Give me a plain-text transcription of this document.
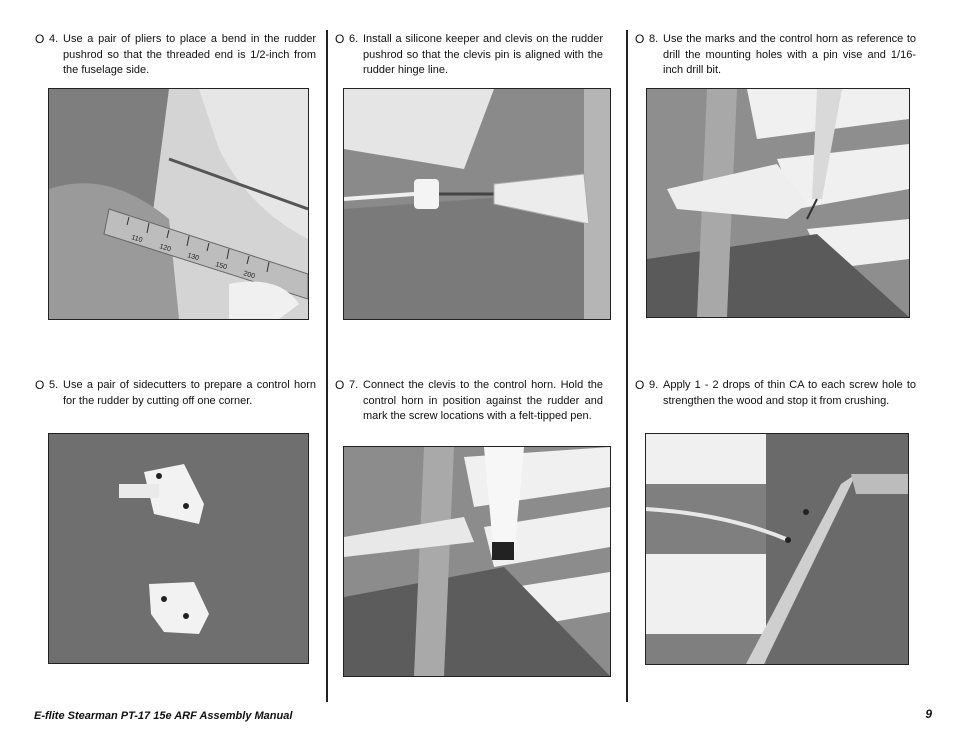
O 4. Use a pair of pliers to place a bend in the rudder pushrod so that the threaded end is 1/2-inch from the fuselage side.
110
120
130
150
200
O 5. Use a pair of sidecutters to prepare a control horn for the rudder by cutting off one corner.
O 6. Install a silicone keeper and clevis on the rudder pushrod so that the clevis pin is aligned with the rudder hinge line.
O 7. Connect the clevis to the control horn. Hold the control horn in position against the rudder and mark the screw locations with a felt-tipped pen.
O 8. Use the marks and the control horn as reference to drill the mounting holes with a pin vise and 1/16-inch drill bit.
O 9. Apply 1 - 2 drops of thin CA to each screw hole to strengthen the wood and stop it from crushing.
E-flite Stearman PT-17 15e ARF Assembly Manual	9
